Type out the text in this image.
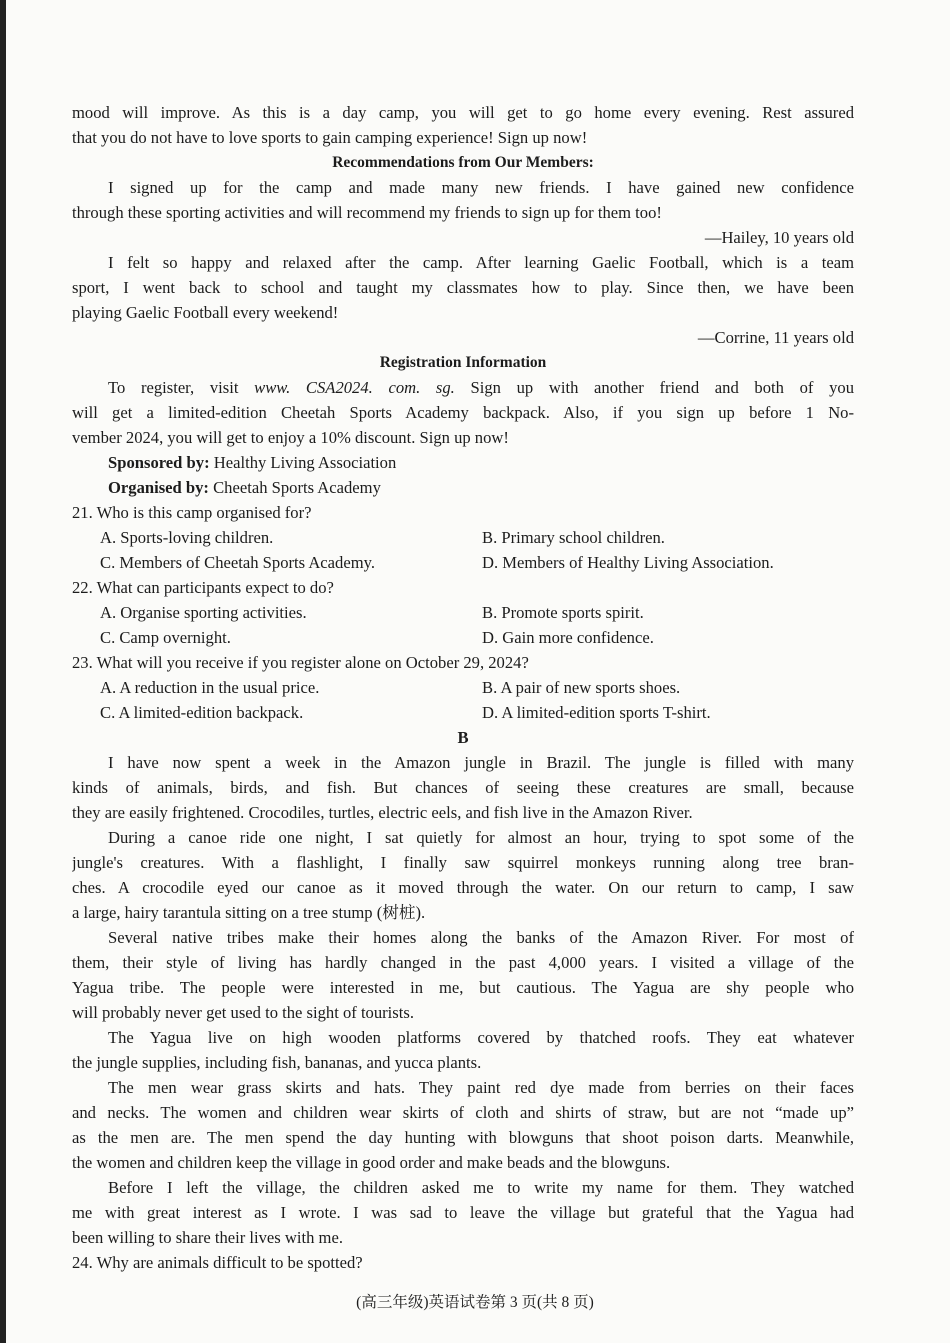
mood will improve. As this is a day camp, you will get to go home every evening. Rest assured
that you do not have to love sports to gain camping experience! Sign up now!
Recommendations from Our Members:
I signed up for the camp and made many new friends. I have gained new confidence
through these sporting activities and will recommend my friends to sign up for them too!
—Hailey, 10 years old
I felt so happy and relaxed after the camp. After learning Gaelic Football, which is a team
sport, I went back to school and taught my classmates how to play. Since then, we have been
playing Gaelic Football every weekend!
—Corrine, 11 years old
Registration Information
To register, visit www. CSA2024. com. sg. Sign up with another friend and both of you
will get a limited-edition Cheetah Sports Academy backpack. Also, if you sign up before 1 No-
vember 2024, you will get to enjoy a 10% discount. Sign up now!
Sponsored by: Healthy Living Association
Organised by: Cheetah Sports Academy
21. Who is this camp organised for?
A. Sports-loving children.	B. Primary school children.
C. Members of Cheetah Sports Academy.	D. Members of Healthy Living Association.
22. What can participants expect to do?
A. Organise sporting activities.	B. Promote sports spirit.
C. Camp overnight.	D. Gain more confidence.
23. What will you receive if you register alone on October 29, 2024?
A. A reduction in the usual price.	B. A pair of new sports shoes.
C. A limited-edition backpack.	D. A limited-edition sports T-shirt.
B
I have now spent a week in the Amazon jungle in Brazil. The jungle is filled with many
kinds of animals, birds, and fish. But chances of seeing these creatures are small, because
they are easily frightened. Crocodiles, turtles, electric eels, and fish live in the Amazon River.
During a canoe ride one night, I sat quietly for almost an hour, trying to spot some of the
jungle's creatures. With a flashlight, I finally saw squirrel monkeys running along tree bran-
ches. A crocodile eyed our canoe as it moved through the water. On our return to camp, I saw
a large, hairy tarantula sitting on a tree stump (树桩).
Several native tribes make their homes along the banks of the Amazon River. For most of
them, their style of living has hardly changed in the past 4,000 years. I visited a village of the
Yagua tribe. The people were interested in me, but cautious. The Yagua are shy people who
will probably never get used to the sight of tourists.
The Yagua live on high wooden platforms covered by thatched roofs. They eat whatever
the jungle supplies, including fish, bananas, and yucca plants.
The men wear grass skirts and hats. They paint red dye made from berries on their faces
and necks. The women and children wear skirts of cloth and shirts of straw, but are not “made up”
as the men are. The men spend the day hunting with blowguns that shoot poison darts. Meanwhile,
the women and children keep the village in good order and make beads and the blowguns.
Before I left the village, the children asked me to write my name for them. They watched
me with great interest as I wrote. I was sad to leave the village but grateful that the Yagua had
been willing to share their lives with me.
24. Why are animals difficult to be spotted?
(高三年级)英语试卷第 3 页(共 8 页)
